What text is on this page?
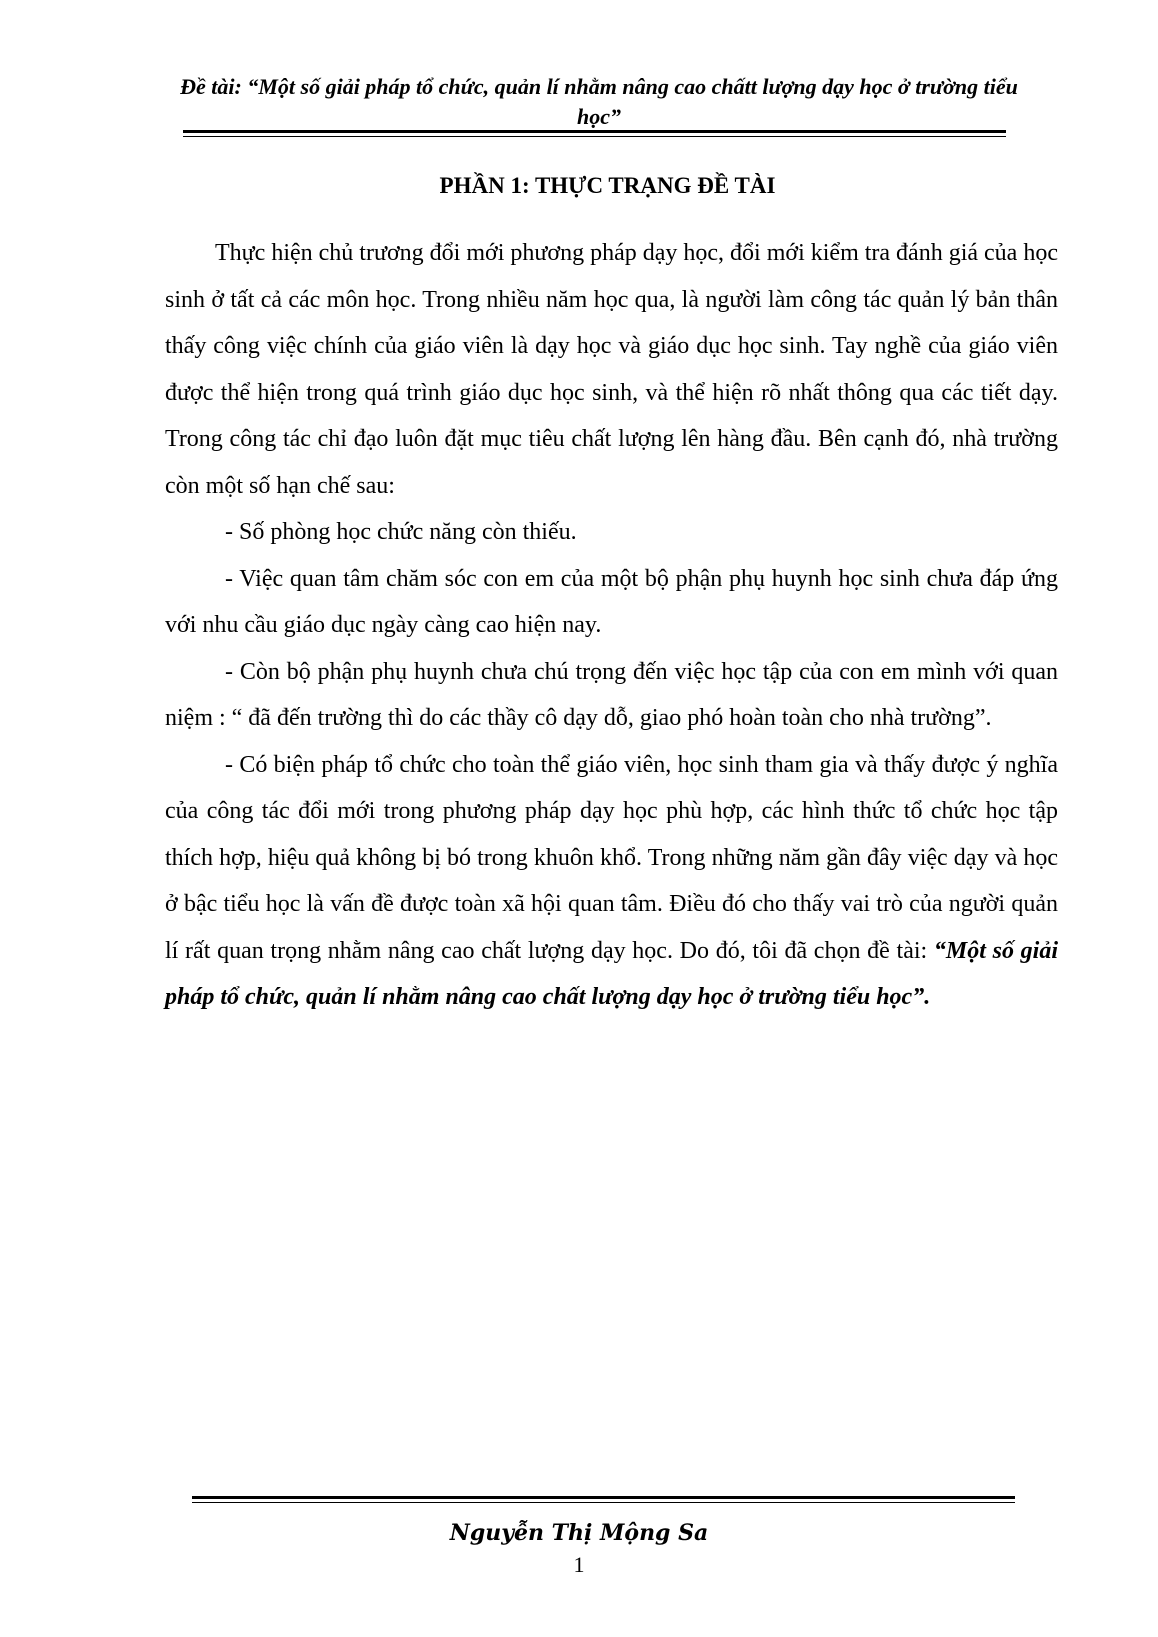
Đề tài: “Một số giải pháp tổ chức, quản lí nhằm nâng cao chấtt lượng dạy học ở trường tiểu học”
PHẦN 1: THỰC TRẠNG ĐỀ TÀI

Thực hiện chủ trương đổi mới phương pháp dạy học, đổi mới kiểm tra đánh giá của học sinh ở tất cả các môn học. Trong nhiều năm học qua, là người làm công tác quản lý bản thân thấy công việc chính của giáo viên là dạy học và giáo dục học sinh. Tay nghề của giáo viên được thể hiện trong quá trình giáo dục học sinh, và thể hiện rõ nhất thông qua các tiết dạy. Trong công tác chỉ đạo luôn đặt mục tiêu chất lượng lên hàng đầu. Bên cạnh đó, nhà trường còn một số hạn chế sau:

- Số phòng học chức năng còn thiếu.

- Việc quan tâm chăm sóc con em của một bộ phận phụ huynh học sinh chưa đáp ứng với nhu cầu giáo dục ngày càng cao hiện nay.

- Còn bộ phận phụ huynh chưa chú trọng đến việc học tập của con em mình với quan niệm : “ đã đến trường thì do các thầy cô dạy dỗ, giao phó hoàn toàn cho nhà trường”.

- Có biện pháp tổ chức cho toàn thể giáo viên, học sinh tham gia và thấy được ý nghĩa của công tác đổi mới trong phương pháp dạy học phù hợp, các hình thức tổ chức học tập thích hợp, hiệu quả không bị bó trong khuôn khổ. Trong những năm gần đây việc dạy và học ở bậc tiểu học là vấn đề được toàn xã hội quan tâm. Điều đó cho thấy vai trò của người quản lí rất quan trọng nhằm nâng cao chất lượng dạy học. Do đó, tôi đã chọn đề tài: “Một số giải pháp tổ chức, quản lí nhằm nâng cao chất lượng dạy học ở trường tiểu học”.

Nguyễn Thị Mộng Sa
1
